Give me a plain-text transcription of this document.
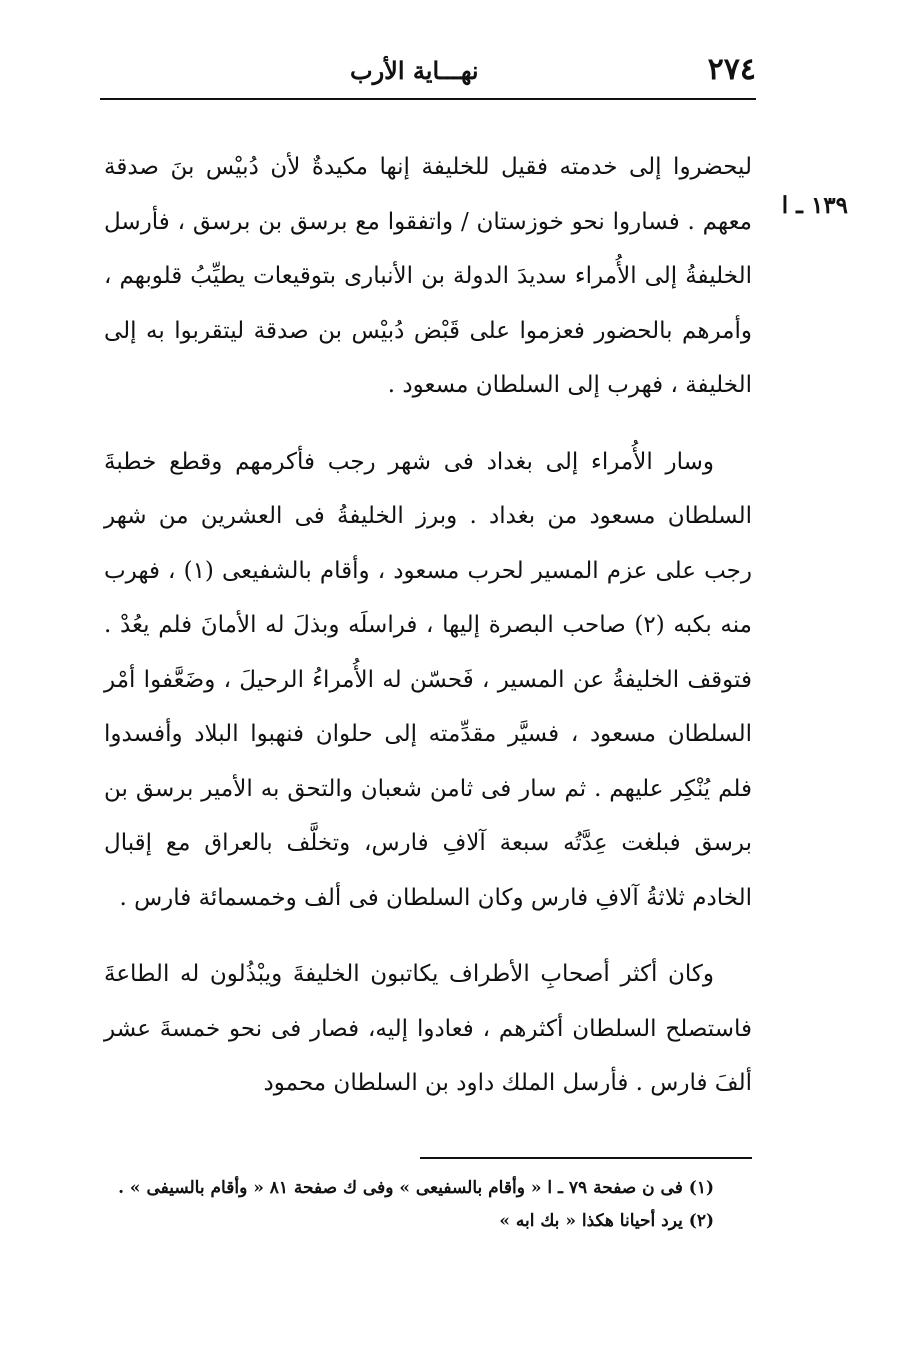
٢٧٤
نهـــاية الأرب
١٣٩ ـ ا

ليحضروا إلى خدمته فقيل للخليفة إنها مكيدةٌ لأن دُبيْس بنَ صدقة معهم . فساروا نحو خوزستان / واتفقوا مع برسق بن برسق ، فأرسل الخليفةُ إلى الأُمراء سديدَ الدولة بن الأنبارى بتوقيعات يطيِّبُ قلوبهم ، وأمرهم بالحضور فعزموا على قَبْض دُبيْس بن صدقة ليتقربوا به إلى الخليفة ، فهرب إلى السلطان مسعود .

وسار الأُمراء إلى بغداد فى شهر رجب فأكرمهم وقطع خطبةَ السلطان مسعود من بغداد . وبرز الخليفةُ فى العشرين من شهر رجب على عزم المسير لحرب مسعود ، وأقام بالشفيعى (١) ، فهرب منه بكبه (٢) صاحب البصرة إليها ، فراسلَه وبذلَ له الأمانَ فلم يعُدْ . فتوقف الخليفةُ عن المسير ، فَحسّن له الأُمراءُ الرحيلَ ، وضَعَّفوا أمْر السلطان مسعود ، فسيَّر مقدِّمته إلى حلوان فنهبوا البلاد وأفسدوا فلم يُنْكِر عليهم . ثم سار فى ثامن شعبان والتحق به الأمير برسق بن برسق فبلغت عِدَّتُه سبعة آلافِ فارس، وتخلَّف بالعراق مع إقبال الخادم ثلاثةُ آلافِ فارس وكان السلطان فى ألف وخمسمائة فارس .

وكان أكثر أصحابِ الأطراف يكاتبون الخليفةَ ويبْذُلون له الطاعةَ فاستصلح السلطان أكثرهم ، فعادوا إليه، فصار فى نحو خمسةَ عشر ألفَ فارس . فأرسل الملك داود بن السلطان محمود

(١) فى ن صفحة ٧٩ ـ ا « وأقام بالسفيعى » وفى ك صفحة ٨١ « وأقام بالسيفى » .

(٢) يرد أحيانا هكذا « بك ابه »
